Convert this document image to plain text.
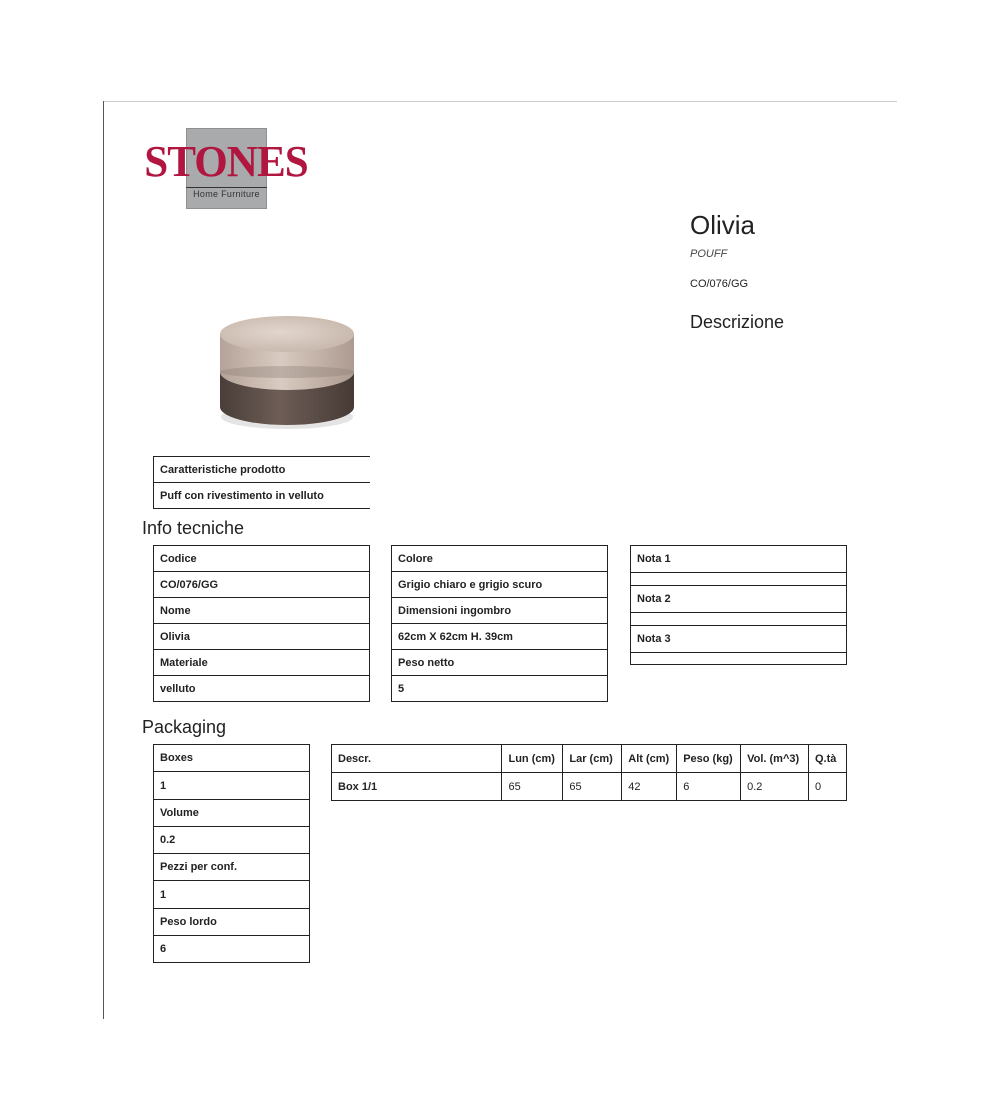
STONES
Home Furniture
Olivia
POUFF
CO/076/GG
Descrizione
Caratteristiche prodotto
Puff con rivestimento in velluto
Info tecniche
Codice
CO/076/GG
Nome
Olivia
Materiale
velluto
Colore
Grigio chiaro e grigio scuro
Dimensioni ingombro
62cm X 62cm H. 39cm
Peso netto
5
Nota 1
Nota 2
Nota 3
Packaging
Boxes
1
Volume
0.2
Pezzi per conf.
1
Peso lordo
6
Descr.	Lun (cm)	Lar (cm)	Alt (cm)	Peso (kg)	Vol. (m^3)	Q.tà
Box 1/1	65	65	42	6	0.2	0
